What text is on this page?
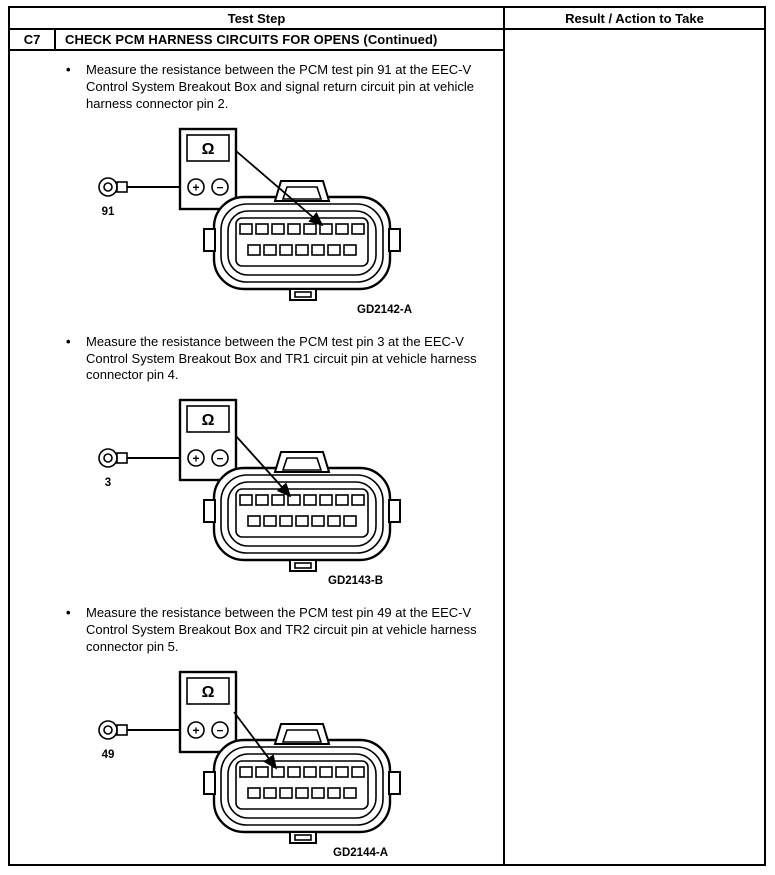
Test Step	Result / Action to Take
C7	CHECK PCM HARNESS CIRCUITS FOR OPENS (Continued)
•	Measure the resistance between the PCM test pin 91 at the EEC-V Control System Breakout Box and signal return circuit pin at vehicle harness connector pin 2.
91
Ω
+ −
GD2142-A
•	Measure the resistance between the PCM test pin 3 at the EEC-V Control System Breakout Box and TR1 circuit pin at vehicle harness connector pin 4.
3
Ω
+ −
GD2143-B
•	Measure the resistance between the PCM test pin 49 at the EEC-V Control System Breakout Box and TR2 circuit pin at vehicle harness connector pin 5.
49
Ω
+ −
GD2144-A
